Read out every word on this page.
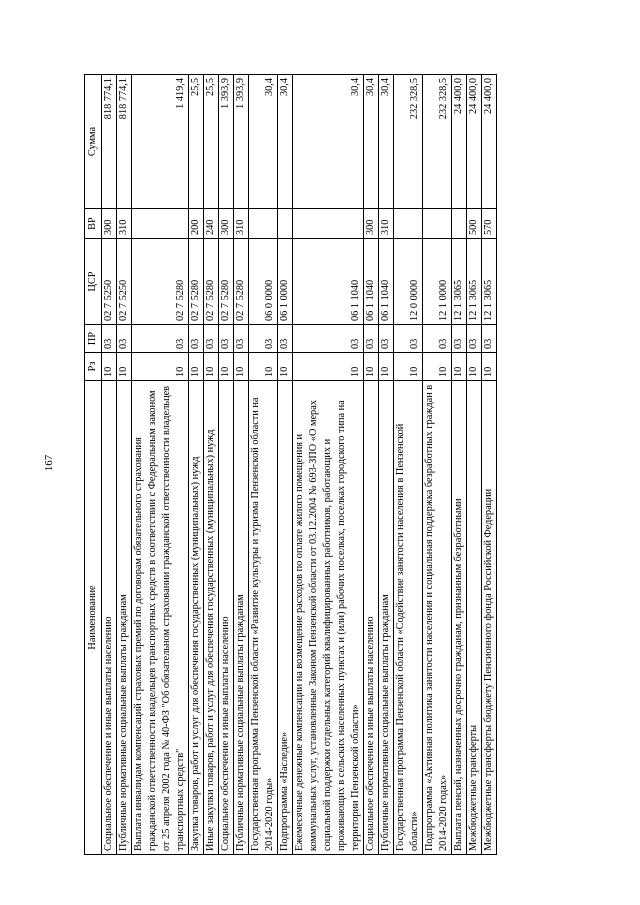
167
Наименование	Рз	ПР	ЦСР	ВР	Сумма
Социальное обеспечение и иные выплаты населению	10	03	02 7 5250	300	818 774,1
Публичные нормативные социальные выплаты гражданам	10	03	02 7 5250	310	818 774,1
Выплата инвалидам компенсаций страховых премий по договорам обязательного страхования гражданской ответственности владельцев транспортных средств в соответствии с Федеральным законом от 25 апреля 2002 года № 40-ФЗ "Об обязательном страховании гражданской ответственности владельцев транспортных средств"	10	03	02 7 5280		1 419,4
Закупка товаров, работ и услуг для обеспечения государственных (муниципальных) нужд	10	03	02 7 5280	200	25,5
Иные закупки товаров, работ и услуг для обеспечения государственных (муниципальных) нужд	10	03	02 7 5280	240	25,5
Социальное обеспечение и иные выплаты населению	10	03	02 7 5280	300	1 393,9
Публичные нормативные социальные выплаты гражданам	10	03	02 7 5280	310	1 393,9
Государственная программа Пензенской области «Развитие культуры и туризма Пензенской области на 2014-2020 годы»	10	03	06 0 0000		30,4
Подпрограмма «Наследие»	10	03	06 1 0000		30,4
Ежемесячные денежные компенсации на возмещение расходов по оплате жилого помещения и коммунальных услуг, установленные Законом Пензенской области от 03.12.2004 № 693-ЗПО «О мерах социальной поддержки отдельных категорий квалифицированных работников, работающих и проживающих в сельских населенных пунктах и (или) рабочих поселках, поселках городского типа на территории Пензенской области»	10	03	06 1 1040		30,4
Социальное обеспечение и иные выплаты населению	10	03	06 1 1040	300	30,4
Публичные нормативные социальные выплаты гражданам	10	03	06 1 1040	310	30,4
Государственная программа Пензенской области «Содействие занятости населения в Пензенской области»	10	03	12 0 0000		232 328,5
Подпрограмма «Активная политика занятости населения и социальная поддержка безработных граждан в 2014-2020 годах»	10	03	12 1 0000		232 328,5
Выплата пенсий, назначенных досрочно гражданам, признанным безработными	10	03	12 1 3065		24 400,0
Межбюджетные трансферты	10	03	12 1 3065	500	24 400,0
Межбюджетные трансферты бюджету Пенсионного фонда Российской Федерации	10	03	12 1 3065	570	24 400,0
